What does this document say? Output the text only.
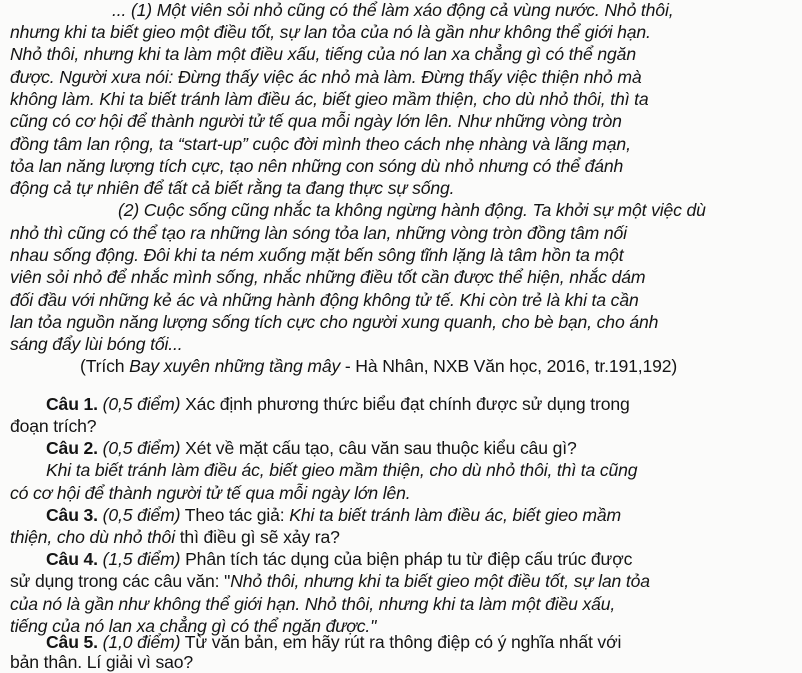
... (1) Một viên sỏi nhỏ cũng có thể làm xáo động cả vùng nước. Nhỏ thôi,
nhưng khi ta biết gieo một điều tốt, sự lan tỏa của nó là gần như không thể giới hạn.
Nhỏ thôi, nhưng khi ta làm một điều xấu, tiếng của nó lan xa chẳng gì có thể ngăn
được. Người xưa nói: Đừng thấy việc ác nhỏ mà làm. Đừng thấy việc thiện nhỏ mà
không làm. Khi ta biết tránh làm điều ác, biết gieo mầm thiện, cho dù nhỏ thôi, thì ta
cũng có cơ hội để thành người tử tế qua mỗi ngày lớn lên. Như những vòng tròn
đồng tâm lan rộng, ta “start-up” cuộc đời mình theo cách nhẹ nhàng và lãng mạn,
tỏa lan năng lượng tích cực, tạo nên những con sóng dù nhỏ nhưng có thể đánh
động cả tự nhiên để tất cả biết rằng ta đang thực sự sống.
(2) Cuộc sống cũng nhắc ta không ngừng hành động. Ta khởi sự một việc dù
nhỏ thì cũng có thể tạo ra những làn sóng tỏa lan, những vòng tròn đồng tâm nối
nhau sống động. Đôi khi ta ném xuống mặt bến sông tĩnh lặng là tâm hồn ta một
viên sỏi nhỏ để nhắc mình sống, nhắc những điều tốt cần được thể hiện, nhắc dám
đối đầu với những kẻ ác và những hành động không tử tế. Khi còn trẻ là khi ta cần
lan tỏa nguồn năng lượng sống tích cực cho người xung quanh, cho bè bạn, cho ánh
sáng đẩy lùi bóng tối...
(Trích Bay xuyên những tầng mây - Hà Nhân, NXB Văn học, 2016, tr.191,192)
Câu 1. (0,5 điểm) Xác định phương thức biểu đạt chính được sử dụng trong
đoạn trích?
Câu 2. (0,5 điểm) Xét về mặt cấu tạo, câu văn sau thuộc kiểu câu gì?
Khi ta biết tránh làm điều ác, biết gieo mầm thiện, cho dù nhỏ thôi, thì ta cũng
có cơ hội để thành người tử tế qua mỗi ngày lớn lên.
Câu 3. (0,5 điểm) Theo tác giả: Khi ta biết tránh làm điều ác, biết gieo mầm
thiện, cho dù nhỏ thôi thì điều gì sẽ xảy ra?
Câu 4. (1,5 điểm) Phân tích tác dụng của biện pháp tu từ điệp cấu trúc được
sử dụng trong các câu văn: "Nhỏ thôi, nhưng khi ta biết gieo một điều tốt, sự lan tỏa
của nó là gần như không thể giới hạn. Nhỏ thôi, nhưng khi ta làm một điều xấu,
tiếng của nó lan xa chẳng gì có thể ngăn được."
Câu 5. (1,0 điểm) Từ văn bản, em hãy rút ra thông điệp có ý nghĩa nhất với
bản thân. Lí giải vì sao?
